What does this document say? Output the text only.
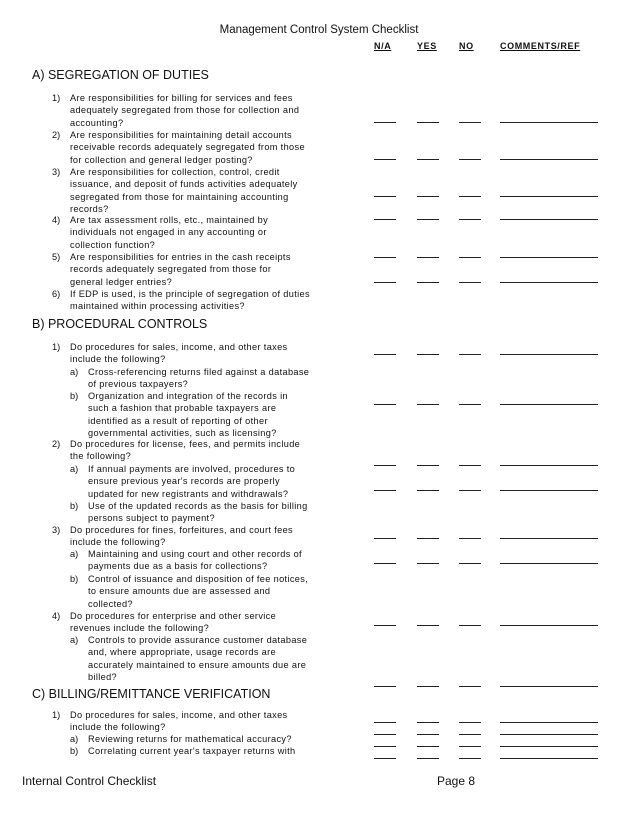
Management Control System Checklist
N/A	YES NO	COMMENTS/REF
A) SEGREGATION OF DUTIES
B) PROCEDURAL CONTROLS
C) BILLING/REMITTANCE VERIFICATION
1) Are responsibilities for billing for services and fees
adequately segregated from those for collection and
accounting?
2) Are responsibilities for maintaining detail accounts
receivable records adequately segregated from those
for collection and general ledger posting?
3) Are responsibilities for collection, control, credit
issuance, and deposit of funds activities adequately
segregated from those for maintaining accounting
records?
4) Are tax assessment rolls, etc., maintained by
individuals not engaged in any accounting or
collection function?
5) Are responsibilities for entries in the cash receipts
records adequately segregated from those for
general ledger entries?
6) If EDP is used, is the principle of segregation of duties
maintained within processing activities?
1) Do procedures for sales, income, and other taxes
include the following?
a) Cross-referencing returns filed against a database
of previous taxpayers?
b) Organization and integration of the records in
such a fashion that probable taxpayers are
identified as a result of reporting of other
governmental activities, such as licensing?
2) Do procedures for license, fees, and permits include
the following?
a) If annual payments are involved, procedures to
ensure previous year's records are properly
updated for new registrants and withdrawals?
b) Use of the updated records as the basis for billing
persons subject to payment?
3) Do procedures for fines, forfeitures, and court fees
include the following?
a) Maintaining and using court and other records of
payments due as a basis for collections?
b) Control of issuance and disposition of fee notices,
to ensure amounts due are assessed and
collected?
4) Do procedures for enterprise and other service
revenues include the following?
a) Controls to provide assurance customer database
and, where appropriate, usage records are
accurately maintained to ensure amounts due are
billed?
1) Do procedures for sales, income, and other taxes
include the following?
a) Reviewing returns for mathematical accuracy?
b) Correlating current year's taxpayer returns with
Internal Control Checklist	Page 8
